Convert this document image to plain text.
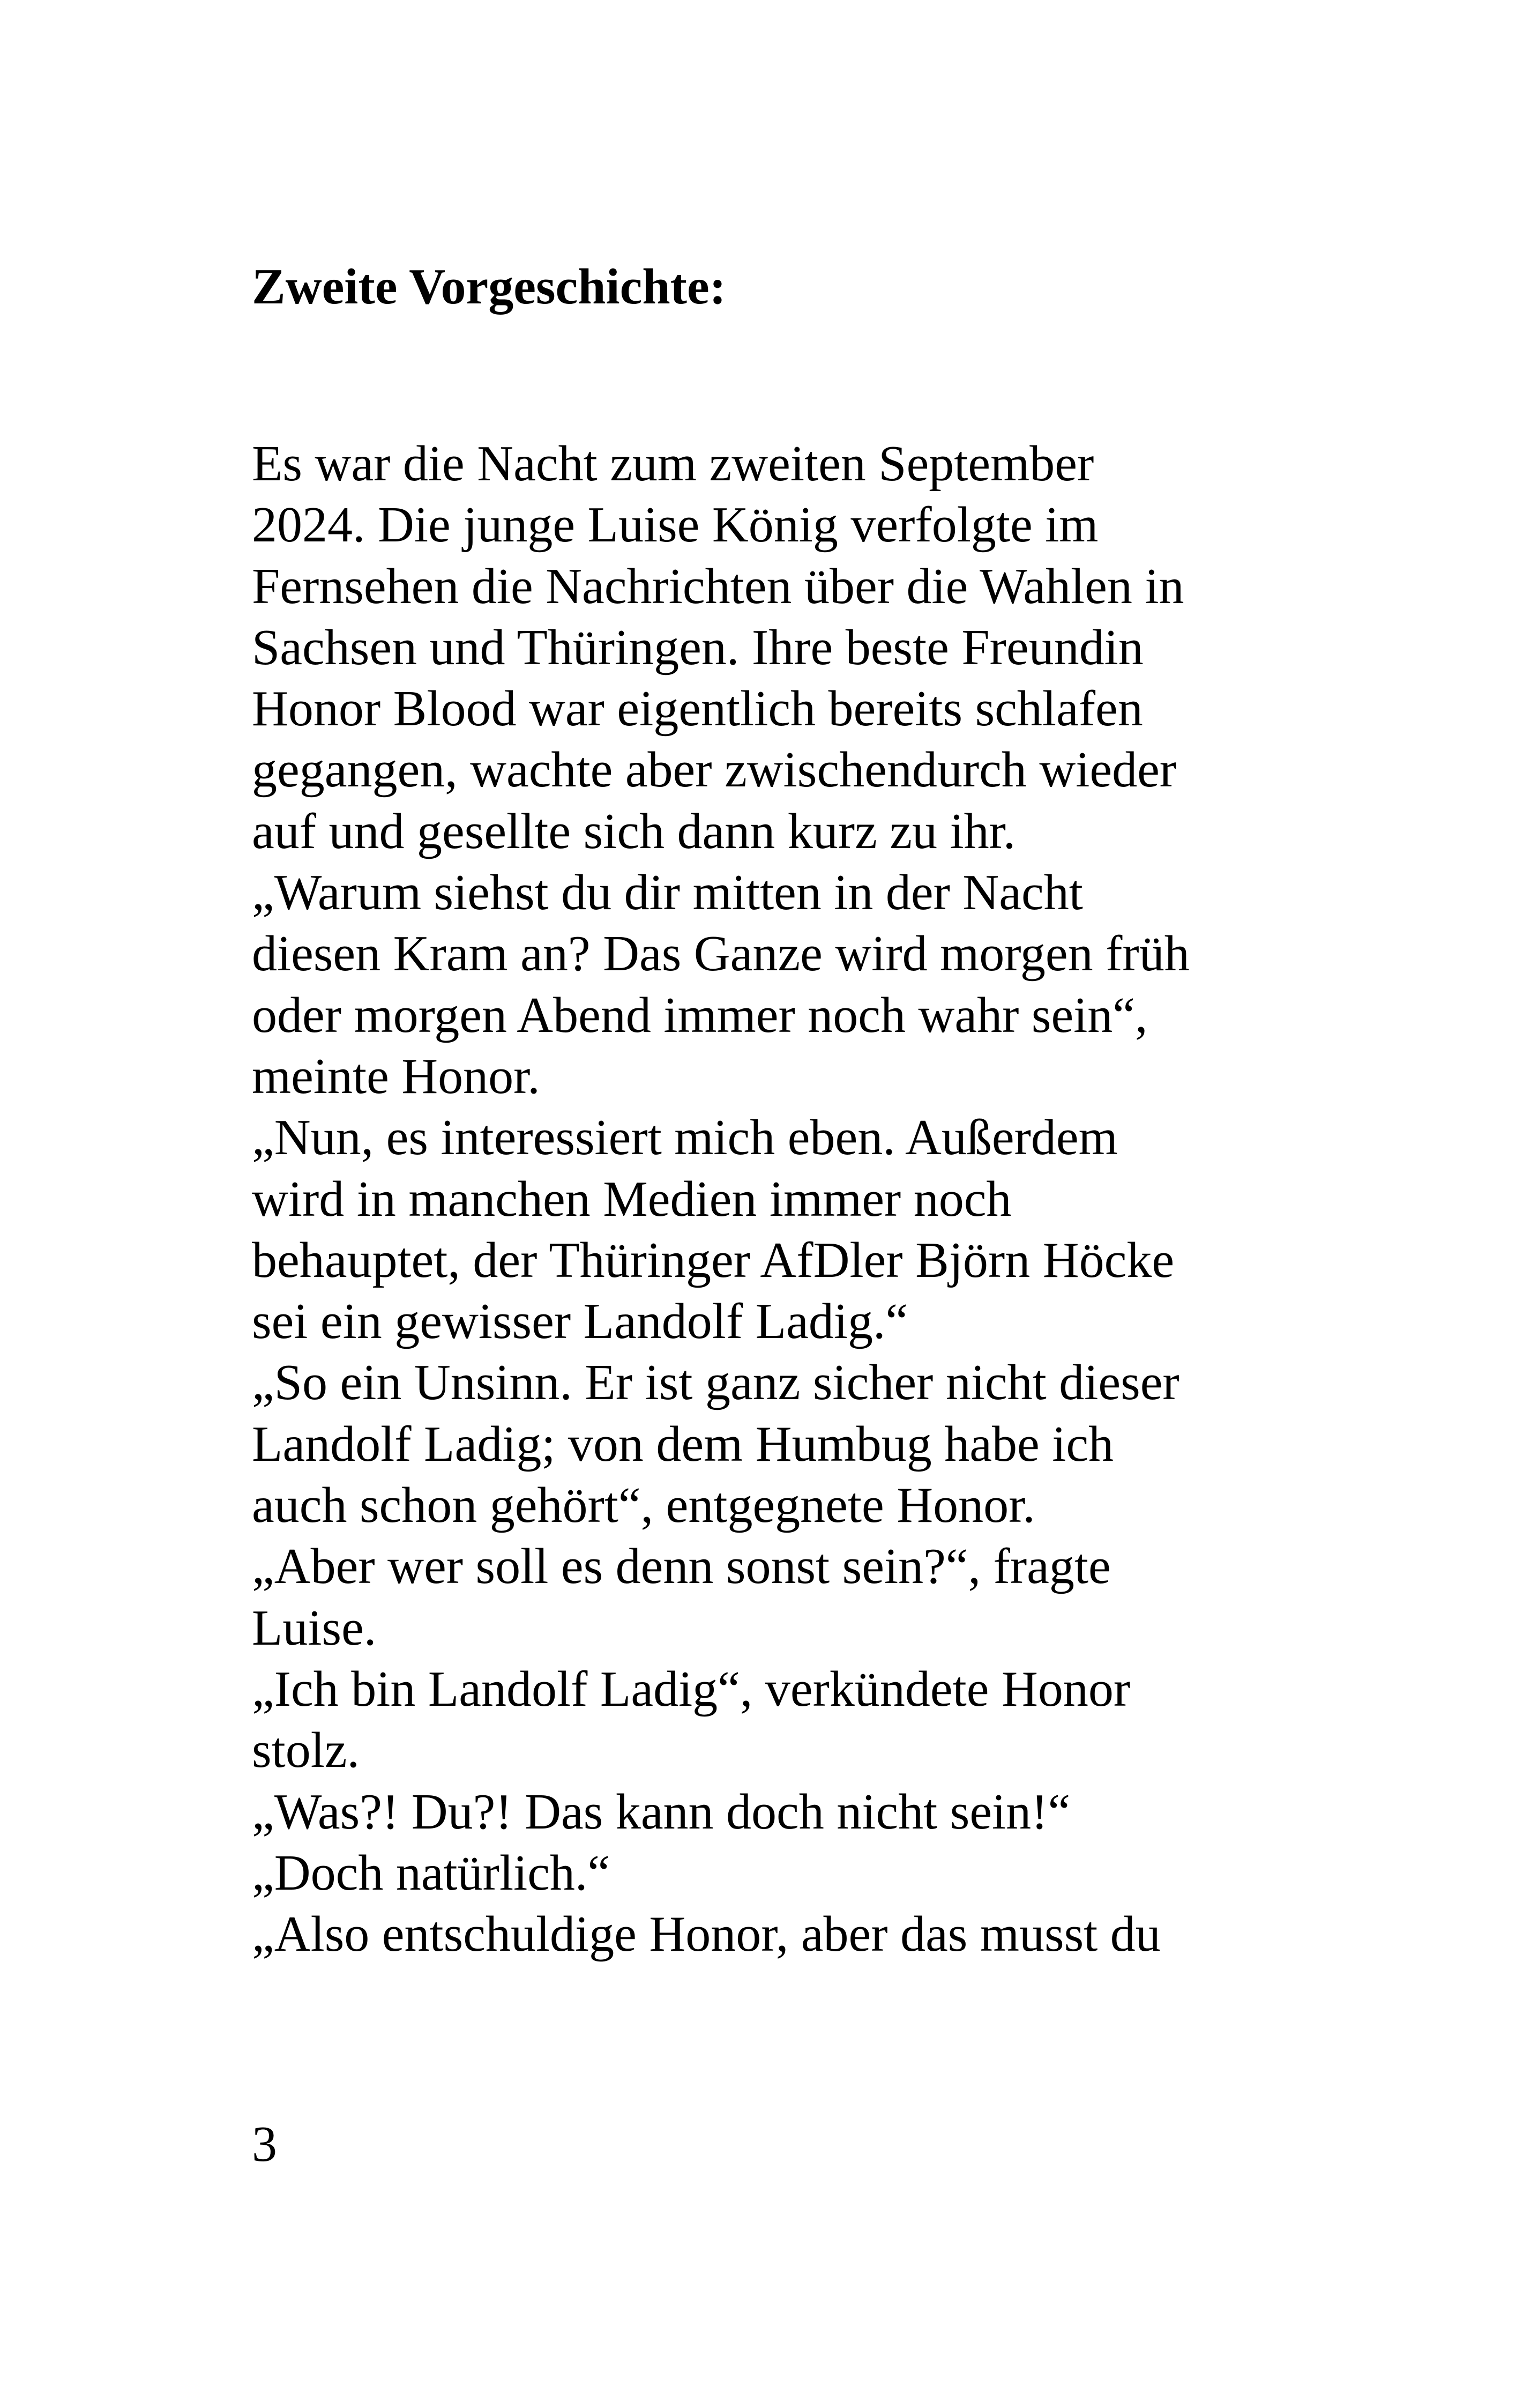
Zweite Vorgeschichte:
Es war die Nacht zum zweiten September
2024. Die junge Luise König verfolgte im
Fernsehen die Nachrichten über die Wahlen in
Sachsen und Thüringen. Ihre beste Freundin
Honor Blood war eigentlich bereits schlafen
gegangen, wachte aber zwischendurch wieder
auf und gesellte sich dann kurz zu ihr.
„Warum siehst du dir mitten in der Nacht
diesen Kram an? Das Ganze wird morgen früh
oder morgen Abend immer noch wahr sein“,
meinte Honor.
„Nun, es interessiert mich eben. Außerdem
wird in manchen Medien immer noch
behauptet, der Thüringer AfDler Björn Höcke
sei ein gewisser Landolf Ladig.“
„So ein Unsinn. Er ist ganz sicher nicht dieser
Landolf Ladig; von dem Humbug habe ich
auch schon gehört“, entgegnete Honor.
„Aber wer soll es denn sonst sein?“, fragte
Luise.
„Ich bin Landolf Ladig“, verkündete Honor
stolz.
„Was?! Du?! Das kann doch nicht sein!“
„Doch natürlich.“
„Also entschuldige Honor, aber das musst du
3
